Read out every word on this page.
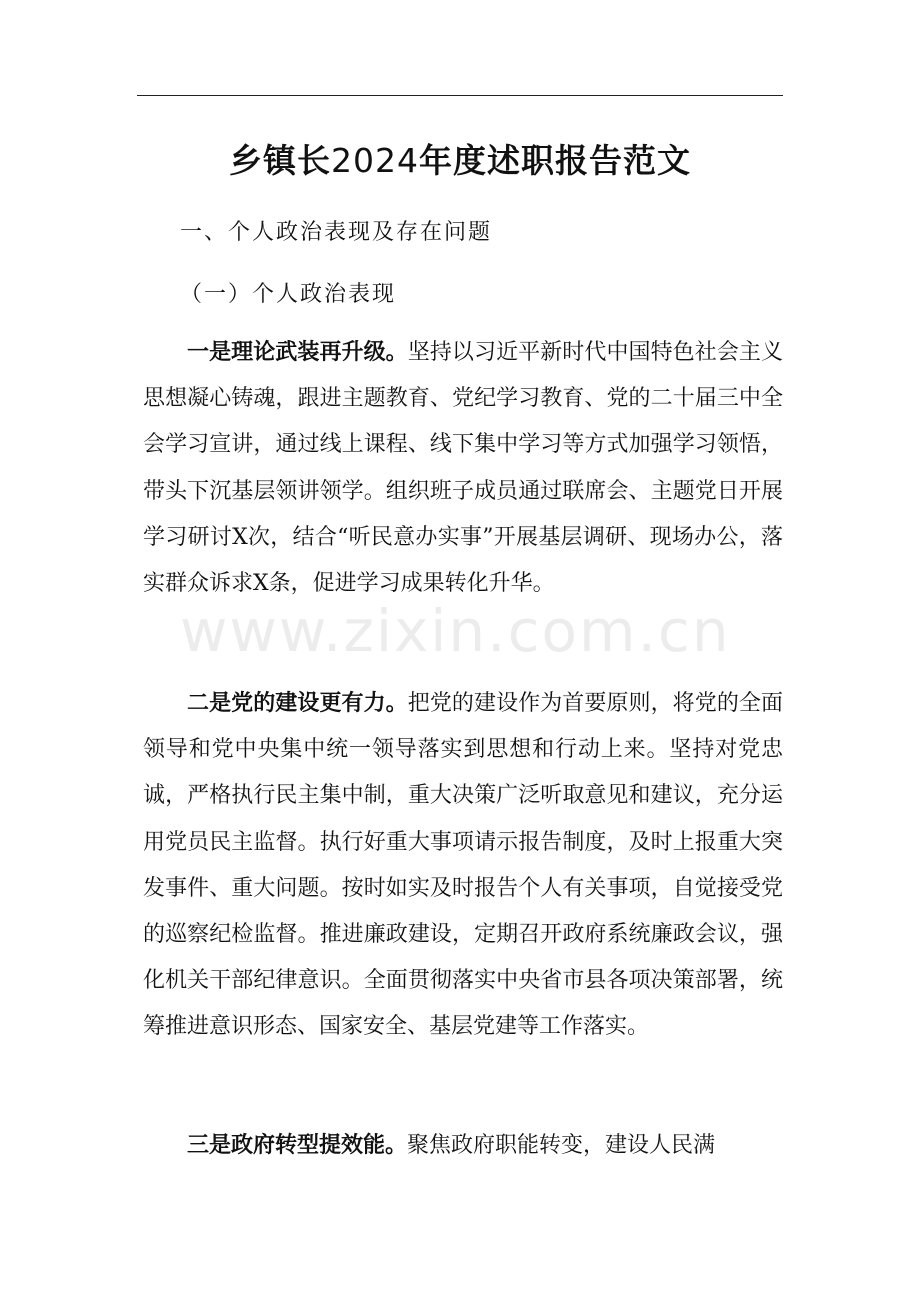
乡镇长2024年度述职报告范文

一、个人政治表现及存在问题

（一）个人政治表现

一是理论武装再升级。坚持以习近平新时代中国特色社会主义思想凝心铸魂，跟进主题教育、党纪学习教育、党的二十届三中全会学习宣讲，通过线上课程、线下集中学习等方式加强学习领悟，带头下沉基层领讲领学。组织班子成员通过联席会、主题党日开展学习研讨X次，结合“听民意办实事”开展基层调研、现场办公，落实群众诉求X条，促进学习成果转化升华。

二是党的建设更有力。把党的建设作为首要原则，将党的全面领导和党中央集中统一领导落实到思想和行动上来。坚持对党忠诚，严格执行民主集中制，重大决策广泛听取意见和建议，充分运用党员民主监督。执行好重大事项请示报告制度，及时上报重大突发事件、重大问题。按时如实及时报告个人有关事项，自觉接受党的巡察纪检监督。推进廉政建设，定期召开政府系统廉政会议，强化机关干部纪律意识。全面贯彻落实中央省市县各项决策部署，统筹推进意识形态、国家安全、基层党建等工作落实。

三是政府转型提效能。聚焦政府职能转变，建设人民满

www.zixin.com.cn
